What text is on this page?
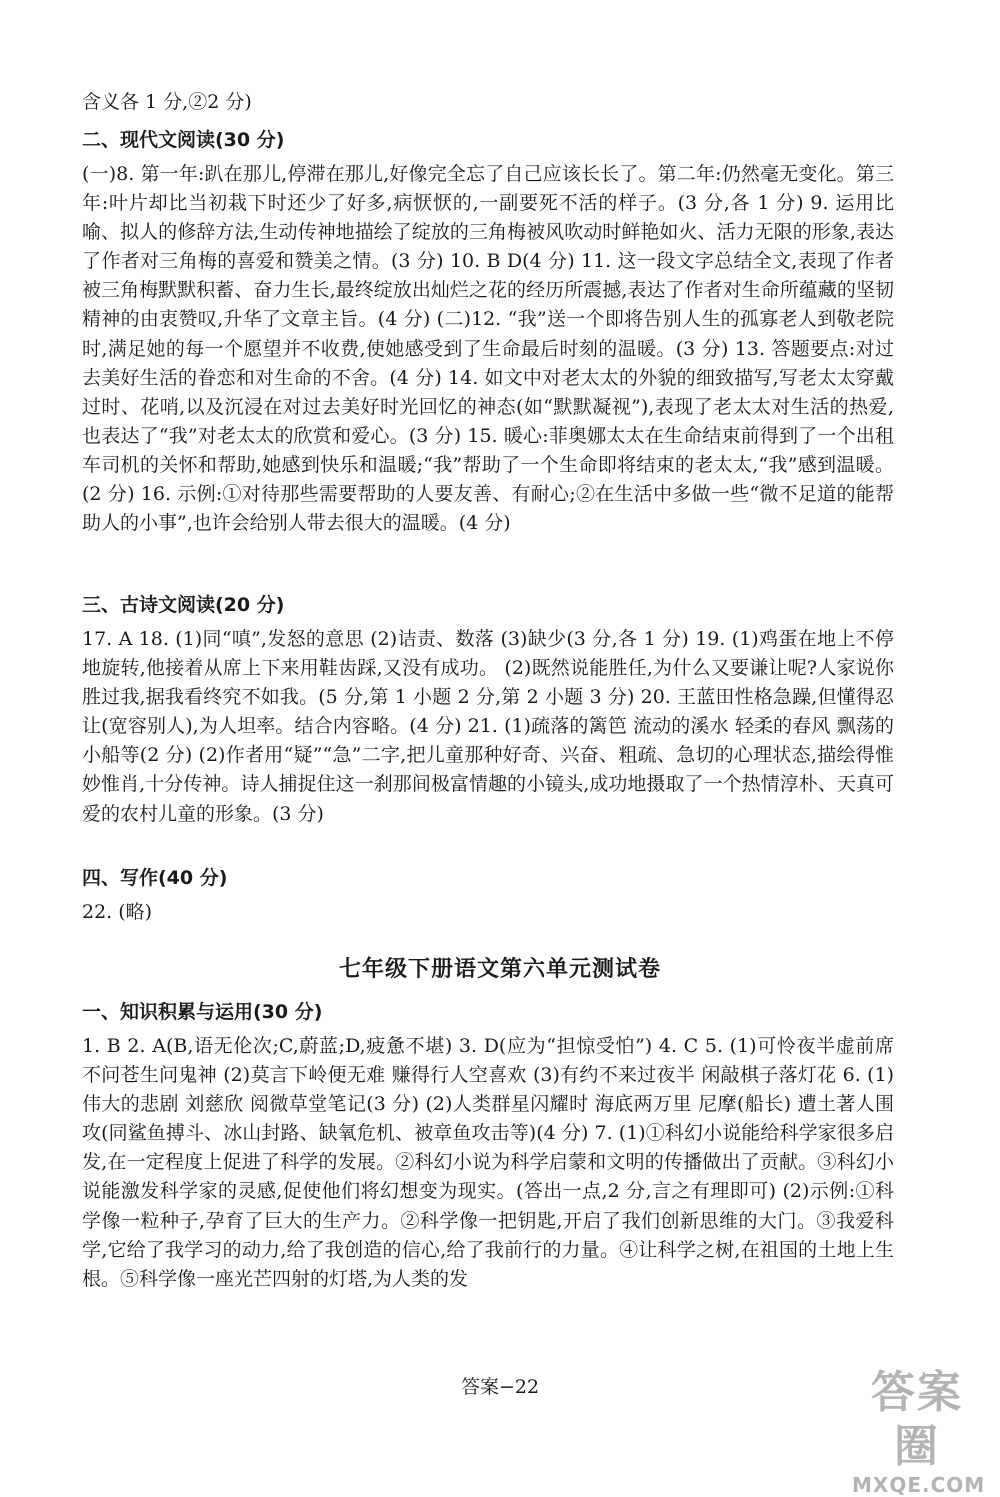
含义各 1 分,②2 分)
二、现代文阅读(30 分)
(一)8. 第一年:趴在那儿,停滞在那儿,好像完全忘了自己应该长长了。第二年:仍然毫无变化。第三年:叶片却比当初栽下时还少了好多,病恹恹的,一副要死不活的样子。(3 分,各 1 分) 9. 运用比喻、拟人的修辞方法,生动传神地描绘了绽放的三角梅被风吹动时鲜艳如火、活力无限的形象,表达了作者对三角梅的喜爱和赞美之情。(3 分) 10. B D(4 分) 11. 这一段文字总结全文,表现了作者被三角梅默默积蓄、奋力生长,最终绽放出灿烂之花的经历所震撼,表达了作者对生命所蕴藏的坚韧精神的由衷赞叹,升华了文章主旨。(4 分) (二)12. “我”送一个即将告别人生的孤寡老人到敬老院时,满足她的每一个愿望并不收费,使她感受到了生命最后时刻的温暖。(3 分) 13. 答题要点:对过去美好生活的眷恋和对生命的不舍。(4 分) 14. 如文中对老太太的外貌的细致描写,写老太太穿戴过时、花哨,以及沉浸在对过去美好时光回忆的神态(如“默默凝视”),表现了老太太对生活的热爱,也表达了“我”对老太太的欣赏和爱心。(3 分) 15. 暖心:菲奥娜太太在生命结束前得到了一个出租车司机的关怀和帮助,她感到快乐和温暖;“我”帮助了一个生命即将结束的老太太,“我”感到温暖。(2 分) 16. 示例:①对待那些需要帮助的人要友善、有耐心;②在生活中多做一些“微不足道的能帮助人的小事”,也许会给别人带去很大的温暖。(4 分)
三、古诗文阅读(20 分)
17. A 18. (1)同“嗔”,发怒的意思 (2)诘责、数落 (3)缺少(3 分,各 1 分) 19. (1)鸡蛋在地上不停地旋转,他接着从席上下来用鞋齿踩,又没有成功。 (2)既然说能胜任,为什么又要谦让呢?人家说你胜过我,据我看终究不如我。(5 分,第 1 小题 2 分,第 2 小题 3 分) 20. 王蓝田性格急躁,但懂得忍让(宽容别人),为人坦率。结合内容略。(4 分) 21. (1)疏落的篱笆 流动的溪水 轻柔的春风 飘荡的小船等(2 分) (2)作者用“疑”“急”二字,把儿童那种好奇、兴奋、粗疏、急切的心理状态,描绘得惟妙惟肖,十分传神。诗人捕捉住这一刹那间极富情趣的小镜头,成功地摄取了一个热情淳朴、天真可爱的农村儿童的形象。(3 分)
四、写作(40 分)
22. (略)
七年级下册语文第六单元测试卷
一、知识积累与运用(30 分)
1. B 2. A(B,语无伦次;C,蔚蓝;D,疲惫不堪) 3. D(应为“担惊受怕”) 4. C 5. (1)可怜夜半虚前席 不问苍生问鬼神 (2)莫言下岭便无难 赚得行人空喜欢 (3)有约不来过夜半 闲敲棋子落灯花 6. (1)伟大的悲剧 刘慈欣 阅微草堂笔记(3 分) (2)人类群星闪耀时 海底两万里 尼摩(船长) 遭土著人围攻(同鲨鱼搏斗、冰山封路、缺氧危机、被章鱼攻击等)(4 分) 7. (1)①科幻小说能给科学家很多启发,在一定程度上促进了科学的发展。②科幻小说为科学启蒙和文明的传播做出了贡献。③科幻小说能激发科学家的灵感,促使他们将幻想变为现实。(答出一点,2 分,言之有理即可) (2)示例:①科学像一粒种子,孕育了巨大的生产力。②科学像一把钥匙,开启了我们创新思维的大门。③我爱科学,它给了我学习的动力,给了我创造的信心,给了我前行的力量。④让科学之树,在祖国的土地上生根。⑤科学像一座光芒四射的灯塔,为人类的发
答案−22	答案圈
MXQE.COM
